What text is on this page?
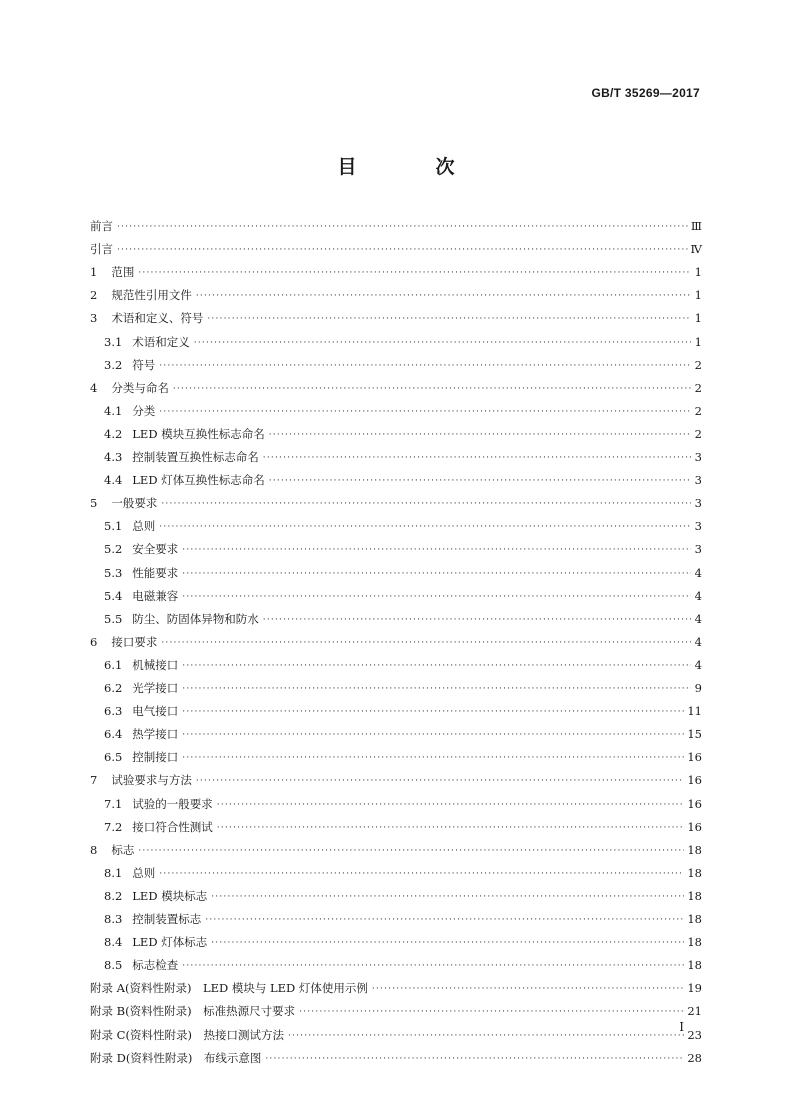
GB/T 35269—2017
目　次
前言 ·····	Ⅲ
引言 ·····	Ⅳ
1 范围 ·····	1
2 规范性引用文件 ·····	1
3 术语和定义、符号 ·····	1
3.1 术语和定义 ·····	1
3.2 符号 ·····	2
4 分类与命名 ·····	2
4.1 分类 ·····	2
4.2 LED 模块互换性标志命名 ·····	2
4.3 控制装置互换性标志命名 ·····	3
4.4 LED 灯体互换性标志命名 ·····	3
5 一般要求 ·····	3
5.1 总则 ·····	3
5.2 安全要求 ·····	3
5.3 性能要求 ·····	4
5.4 电磁兼容 ·····	4
5.5 防尘、防固体异物和防水 ·····	4
6 接口要求 ·····	4
6.1 机械接口 ·····	4
6.2 光学接口 ·····	9
6.3 电气接口 ·····	11
6.4 热学接口 ·····	15
6.5 控制接口 ·····	16
7 试验要求与方法 ·····	16
7.1 试验的一般要求 ·····	16
7.2 接口符合性测试 ·····	16
8 标志 ·····	18
8.1 总则 ·····	18
8.2 LED 模块标志 ·····	18
8.3 控制装置标志 ·····	18
8.4 LED 灯体标志 ·····	18
8.5 标志检查 ·····	18
附录 A (资料性附录)　LED 模块与 LED 灯体使用示例 ·····	19
附录 B (资料性附录)　标准热源尺寸要求 ·····	21
附录 C (资料性附录)　热接口测试方法 ·····	23
附录 D (资料性附录)　布线示意图 ·····	28
I
